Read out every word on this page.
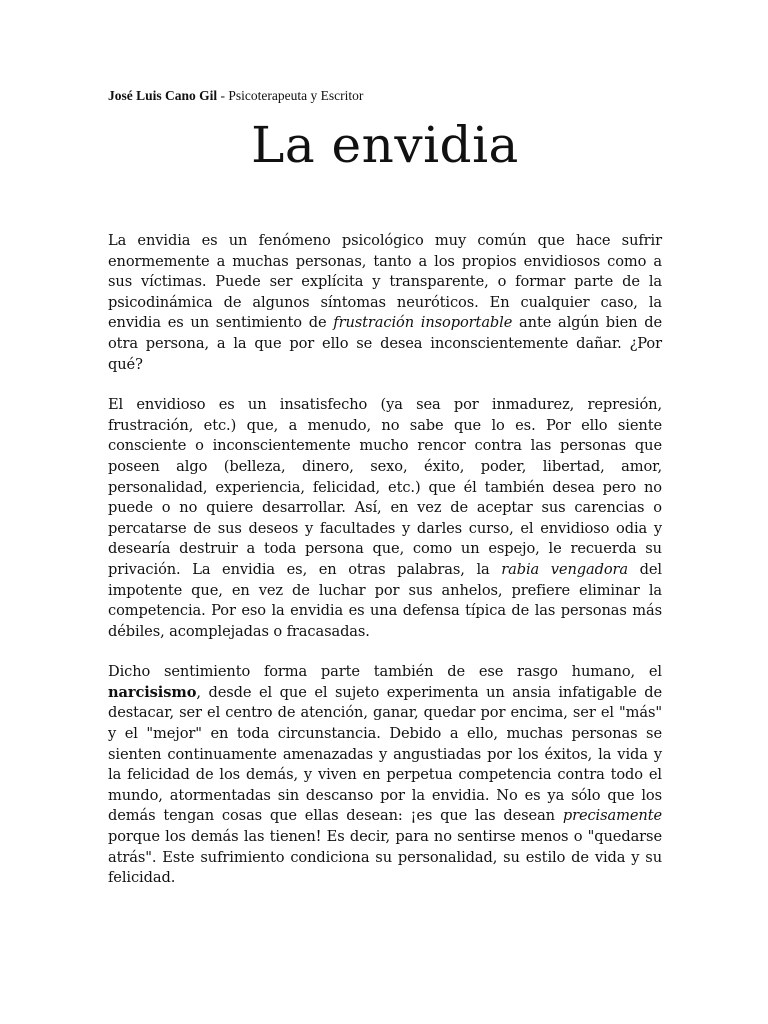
José Luis Cano Gil - Psicoterapeuta y Escritor

La envidia

La envidia es un fenómeno psicológico muy común que hace sufrir enormemente a muchas personas, tanto a los propios envidiosos como a sus víctimas. Puede ser explícita y transparente, o formar parte de la psicodinámica de algunos síntomas neuróticos. En cualquier caso, la envidia es un sentimiento de frustración insoportable ante algún bien de otra persona, a la que por ello se desea inconscientemente dañar. ¿Por qué?

El envidioso es un insatisfecho (ya sea por inmadurez, represión, frustración, etc.) que, a menudo, no sabe que lo es. Por ello siente consciente o inconscientemente mucho rencor contra las personas que poseen algo (belleza, dinero, sexo, éxito, poder, libertad, amor, personalidad, experiencia, felicidad, etc.) que él también desea pero no puede o no quiere desarrollar. Así, en vez de aceptar sus carencias o percatarse de sus deseos y facultades y darles curso, el envidioso odia y desearía destruir a toda persona que, como un espejo, le recuerda su privación. La envidia es, en otras palabras, la rabia vengadora del impotente que, en vez de luchar por sus anhelos, prefiere eliminar la competencia. Por eso la envidia es una defensa típica de las personas más débiles, acomplejadas o fracasadas.

Dicho sentimiento forma parte también de ese rasgo humano, el narcisismo, desde el que el sujeto experimenta un ansia infatigable de destacar, ser el centro de atención, ganar, quedar por encima, ser el "más" y el "mejor" en toda circunstancia. Debido a ello, muchas personas se sienten continuamente amenazadas y angustiadas por los éxitos, la vida y la felicidad de los demás, y viven en perpetua competencia contra todo el mundo, atormentadas sin descanso por la envidia. No es ya sólo que los demás tengan cosas que ellas desean: ¡es que las desean precisamente porque los demás las tienen! Es decir, para no sentirse menos o "quedarse atrás". Este sufrimiento condiciona su personalidad, su estilo de vida y su felicidad.
